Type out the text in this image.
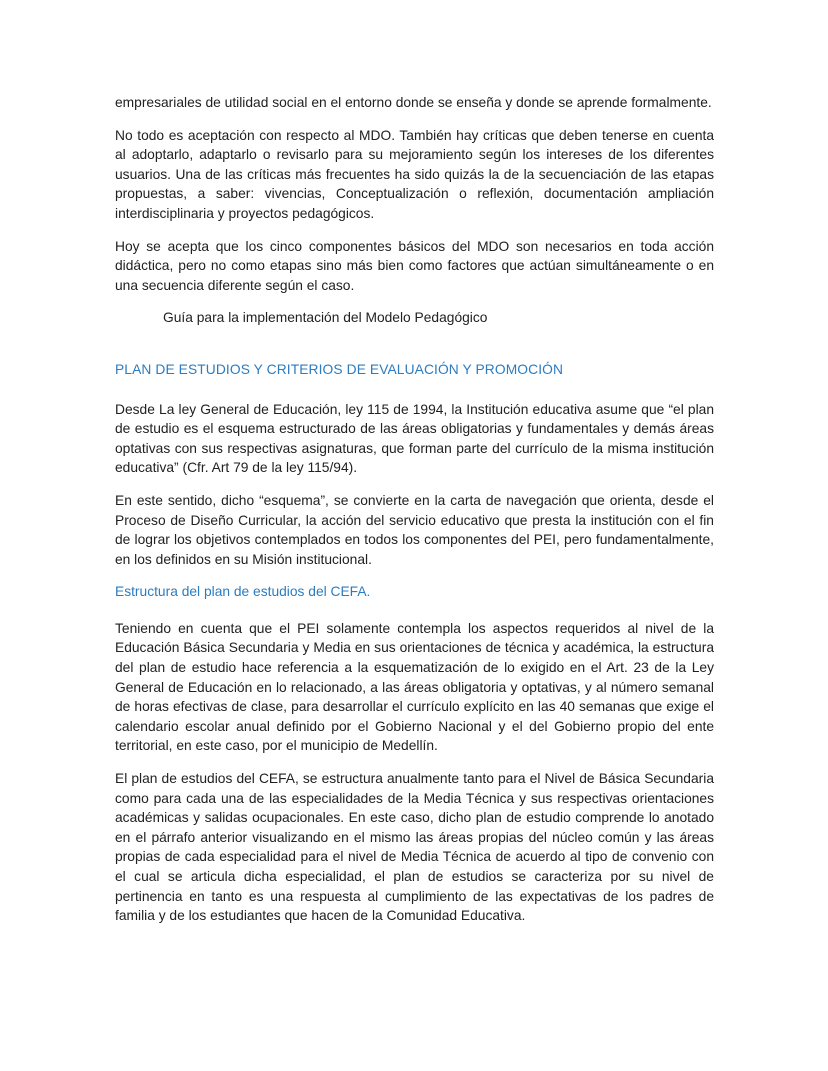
empresariales de utilidad social en el entorno donde se enseña y donde se aprende formalmente.

No todo es aceptación con respecto al MDO. También hay críticas que deben tenerse en cuenta al adoptarlo, adaptarlo o revisarlo para su mejoramiento según los intereses de los diferentes usuarios. Una de las críticas más frecuentes ha sido quizás la de la secuenciación de las etapas propuestas, a saber: vivencias, Conceptualización o reflexión, documentación ampliación interdisciplinaria y proyectos pedagógicos.

Hoy se acepta que los cinco componentes básicos del MDO son necesarios en toda acción didáctica, pero no como etapas sino más bien como factores que actúan simultáneamente o en una secuencia diferente según el caso.

Guía para la implementación del Modelo Pedagógico

PLAN DE ESTUDIOS Y CRITERIOS DE EVALUACIÓN Y PROMOCIÓN

Desde La ley General de Educación, ley 115 de 1994, la Institución educativa asume que “el plan de estudio es el esquema estructurado de las áreas obligatorias y fundamentales y demás áreas optativas con sus respectivas asignaturas, que forman parte del currículo de la misma institución educativa” (Cfr. Art 79 de la ley 115/94).

En este sentido, dicho “esquema”, se convierte en la carta de navegación que orienta, desde el Proceso de Diseño Curricular, la acción del servicio educativo que presta la institución con el fin de lograr los objetivos contemplados en todos los componentes del PEI, pero fundamentalmente, en los definidos en su Misión institucional.

Estructura del plan de estudios del CEFA.

Teniendo en cuenta que el PEI solamente contempla los aspectos requeridos al nivel de la Educación Básica Secundaria y Media en sus orientaciones de técnica y académica, la estructura del plan de estudio hace referencia a la esquematización de lo exigido en el Art. 23 de la Ley General de Educación en lo relacionado, a las áreas obligatoria y optativas, y al número semanal de horas efectivas de clase, para desarrollar el currículo explícito en las 40 semanas que exige el calendario escolar anual definido por el Gobierno Nacional y el del Gobierno propio del ente territorial, en este caso, por el municipio de Medellín.

El plan de estudios del CEFA, se estructura anualmente tanto para el Nivel de Básica Secundaria como para cada una de las especialidades de la Media Técnica y sus respectivas orientaciones académicas y salidas ocupacionales. En este caso, dicho plan de estudio comprende lo anotado en el párrafo anterior visualizando en el mismo las áreas propias del núcleo común y las áreas propias de cada especialidad para el nivel de Media Técnica de acuerdo al tipo de convenio con el cual se articula dicha especialidad, el plan de estudios se caracteriza por su nivel de pertinencia en tanto es una respuesta al cumplimiento de las expectativas de los padres de familia y de los estudiantes que hacen de la Comunidad Educativa.
